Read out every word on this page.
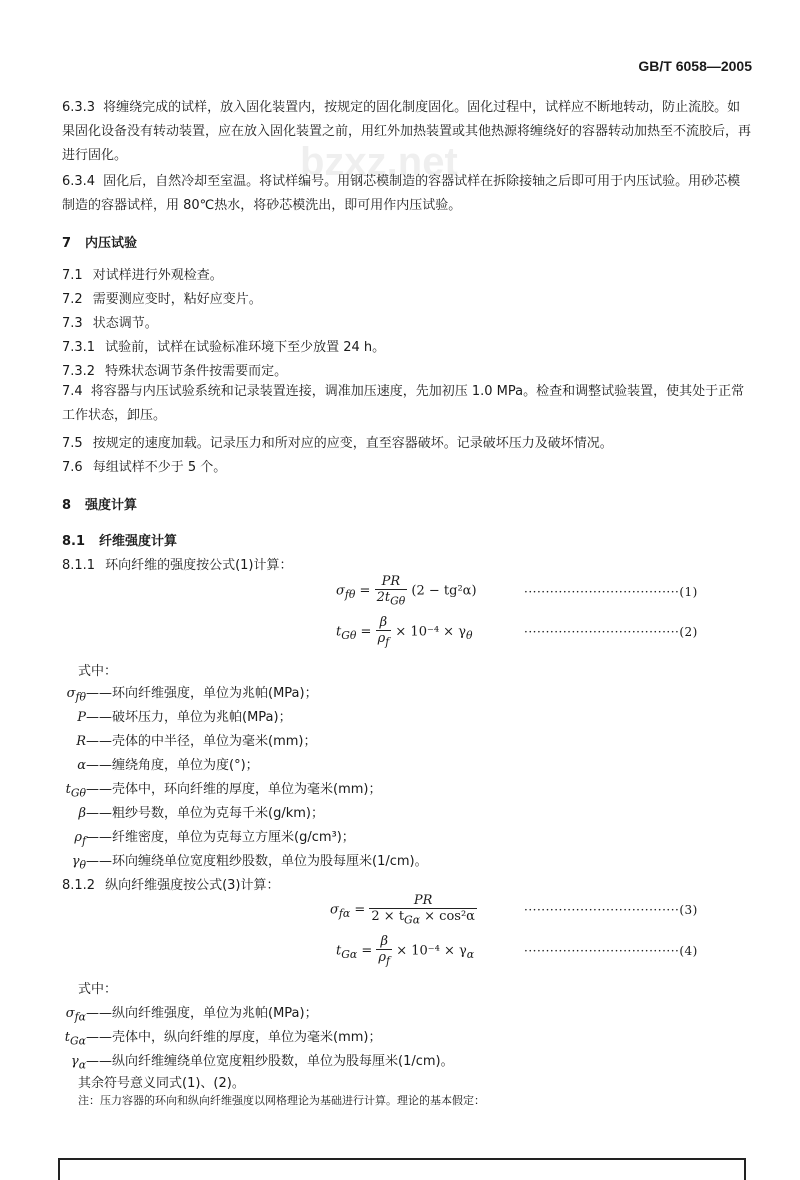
GB/T 6058—2005
bzxz.net
6.3.3 将缠绕完成的试样，放入固化装置内，按规定的固化制度固化。固化过程中，试样应不断地转动，防止流胶。如果固化设备没有转动装置，应在放入固化装置之前，用红外加热装置或其他热源将缠绕好的容器转动加热至不流胶后，再进行固化。
6.3.4 固化后，自然冷却至室温。将试样编号。用钢芯模制造的容器试样在拆除接轴之后即可用于内压试验。用砂芯模制造的容器试样，用 80℃热水，将砂芯模洗出，即可用作内压试验。
7 内压试验
7.1 对试样进行外观检查。
7.2 需要测应变时，粘好应变片。
7.3 状态调节。
7.3.1 试验前，试样在试验标准环境下至少放置 24 h。
7.3.2 特殊状态调节条件按需要而定。
7.4 将容器与内压试验系统和记录装置连接，调准加压速度，先加初压 1.0 MPa。检查和调整试验装置，使其处于正常工作状态，卸压。
7.5 按规定的速度加载。记录压力和所对应的应变，直至容器破坏。记录破坏压力及破坏情况。
7.6 每组试样不少于 5 个。
8 强度计算
8.1 纤维强度计算
8.1.1 环向纤维的强度按公式(1)计算：
$\sigma_{f\theta} = \frac{PR}{2t_{G\theta}} (2 - tg^2\alpha)$	····································(1)
$t_{G\theta} = \frac{\beta}{\rho_f} \times 10^{-4} \times \gamma_\theta$	····································(2)
式中：
$\sigma_{f\theta}——$环向纤维强度，单位为兆帕(MPa)；
P——破坏压力，单位为兆帕(MPa)；
R——壳体的中半径，单位为毫米(mm)；
α——缠绕角度，单位为度(°)；
$t_{G\theta}——$壳体中，环向纤维的厚度，单位为毫米(mm)；
β——粗纱号数，单位为克每千米(g/km)；
$\rho_f——$纤维密度，单位为克每立方厘米(g/cm³)；
$\gamma_\theta——$环向缠绕单位宽度粗纱股数，单位为股每厘米(1/cm)。
8.1.2 纵向纤维强度按公式(3)计算：
$\sigma_{f\alpha} = \frac{PR}{2 \times t_{G\alpha} \times \cos^2\alpha}$	····································(3)
$t_{G\alpha} = \frac{\beta}{\rho_f} \times 10^{-4} \times \gamma_\alpha$	····································(4)
式中：
$\sigma_{f\alpha}——$纵向纤维强度，单位为兆帕(MPa)；
$t_{G\alpha}——$壳体中，纵向纤维的厚度，单位为毫米(mm)；
$\gamma_\alpha——$纵向纤维缠绕单位宽度粗纱股数，单位为股每厘米(1/cm)。
其余符号意义同式(1)、(2)。
注：压力容器的环向和纵向纤维强度以网格理论为基础进行计算。理论的基本假定：
